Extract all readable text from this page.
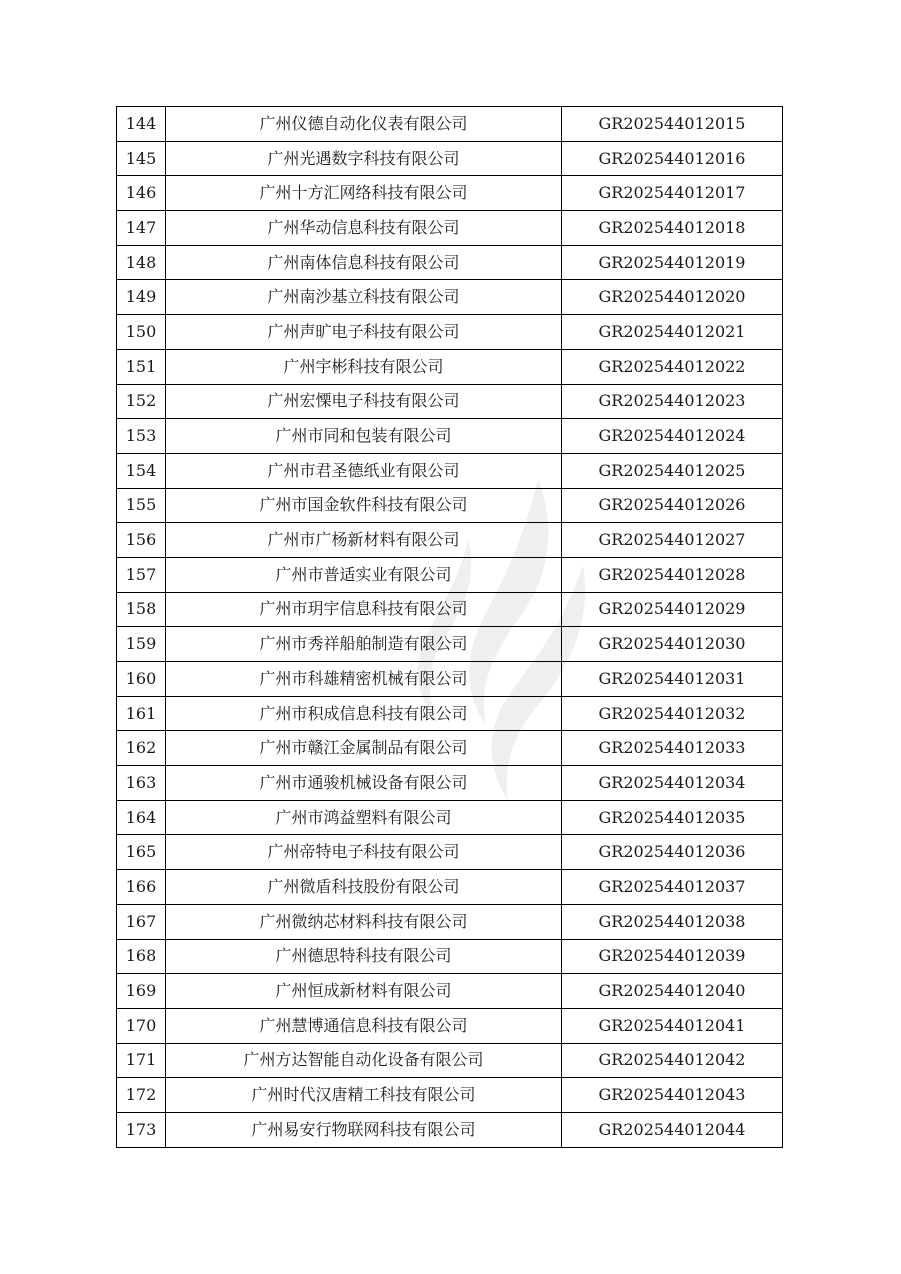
144	广州仪德自动化仪表有限公司	GR202544012015
145	广州光遇数字科技有限公司	GR202544012016
146	广州十方汇网络科技有限公司	GR202544012017
147	广州华动信息科技有限公司	GR202544012018
148	广州南体信息科技有限公司	GR202544012019
149	广州南沙基立科技有限公司	GR202544012020
150	广州声旷电子科技有限公司	GR202544012021
151	广州宇彬科技有限公司	GR202544012022
152	广州宏慄电子科技有限公司	GR202544012023
153	广州市同和包装有限公司	GR202544012024
154	广州市君圣德纸业有限公司	GR202544012025
155	广州市国金软件科技有限公司	GR202544012026
156	广州市广杨新材料有限公司	GR202544012027
157	广州市普适实业有限公司	GR202544012028
158	广州市玥宇信息科技有限公司	GR202544012029
159	广州市秀祥船舶制造有限公司	GR202544012030
160	广州市科雄精密机械有限公司	GR202544012031
161	广州市积成信息科技有限公司	GR202544012032
162	广州市赣江金属制品有限公司	GR202544012033
163	广州市通骏机械设备有限公司	GR202544012034
164	广州市鸿益塑料有限公司	GR202544012035
165	广州帝特电子科技有限公司	GR202544012036
166	广州微盾科技股份有限公司	GR202544012037
167	广州微纳芯材料科技有限公司	GR202544012038
168	广州德思特科技有限公司	GR202544012039
169	广州恒成新材料有限公司	GR202544012040
170	广州慧博通信息科技有限公司	GR202544012041
171	广州方达智能自动化设备有限公司	GR202544012042
172	广州时代汉唐精工科技有限公司	GR202544012043
173	广州易安行物联网科技有限公司	GR202544012044
